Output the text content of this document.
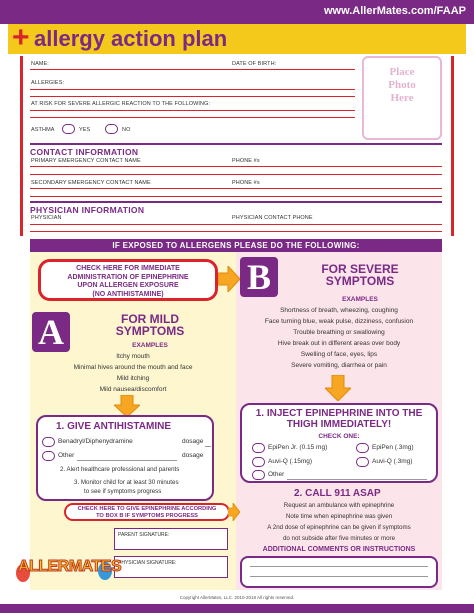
www.AllerMates.com/FAAP
+ allergy action plan
NAME:	DATE OF BIRTH:
ALLERGIES:
AT RISK FOR SEVERE ALLERGIC REACTION TO THE FOLLOWING:
ASTHMA	YES	NO
Place
Photo
Here
CONTACT INFORMATION
PRIMARY EMERGENCY CONTACT NAME	PHONE #s
SECONDARY EMERGENCY CONTACT NAME	PHONE #s
PHYSICIAN INFORMATION
PHYSICIAN	PHYSICIAN CONTACT PHONE
IF EXPOSED TO ALLERGENS PLEASE DO THE FOLLOWING:
CHECK HERE FOR IMMEDIATE
ADMINISTRATION OF EPINEPHRINE
UPON ALLERGEN EXPOSURE
(NO ANTIHISTAMINE)	B	FOR SEVERE
SYMPTOMS
EXAMPLES
Shortness of breath, wheezing, coughing
Face turning blue, weak pulse, dizziness, confusion
Trouble breathing or swallowing
Hive break out in different areas over body
Swelling of face, eyes, lips
Severe vomiting, diarrhea or pain
A	FOR MILD
SYMPTOMS
EXAMPLES
Itchy mouth
Minimal hives around the mouth and face
Mild itching
Mild nausea/discomfort
1. GIVE ANTIHISTAMINE
Benadryl/Diphenydramine	dosage
Other	dosage
2. Alert healthcare professional and parents
3. Monitor child for at least 30 minutes
to see if symptoms progress
CHECK HERE TO GIVE EPINEPHRINE ACCORDING
TO BOX B IF SYMPTOMS PROGRESS
PARENT SIGNATURE:
PHYSICIAN SIGNATURE:
1. INJECT EPINEPHRINE INTO THE
THIGH IMMEDIATELY!
CHECK ONE:
EpiPen Jr. (0.15 mg)	EpiPen (.3mg)
Auvi-Q (.15mg)	Auvi-Q (.3mg)
Other
2. CALL 911 ASAP
Request an ambulance with epinephrine
Note time when epinephrine was given
A 2nd dose of epinephrine can be given if symptoms
do not subside after five minutes or more
ADDITIONAL COMMENTS OR INSTRUCTIONS
ALLERMATES
Copyright AllerMates, LLC. 2010-2018 All rights reserved.
